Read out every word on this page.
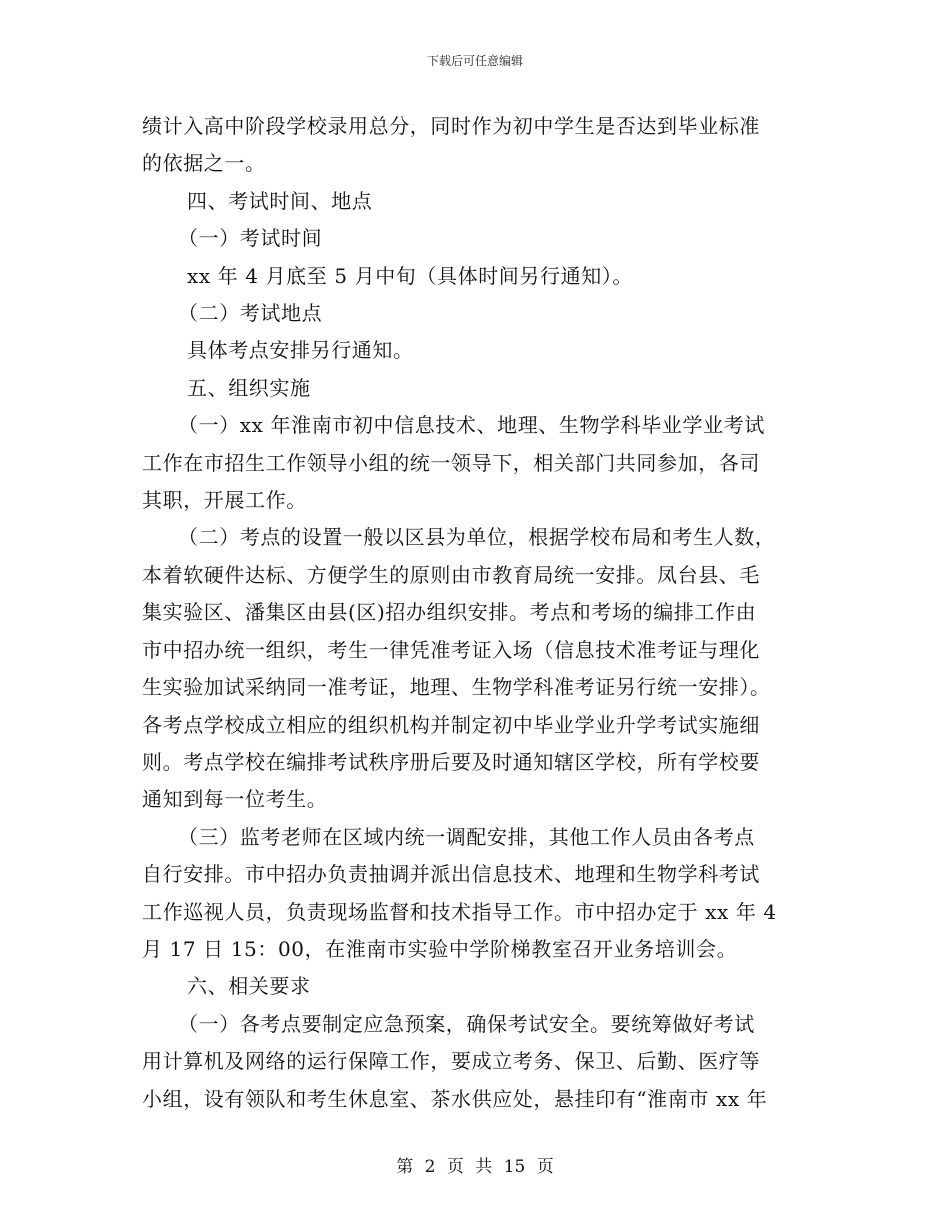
下载后可任意编辑

绩计入高中阶段学校录用总分，同时作为初中学生是否达到毕业标准

的依据之一。

四、考试时间、地点

（一）考试时间

xx 年 4 月底至 5 月中旬（具体时间另行通知）。

（二）考试地点

具体考点安排另行通知。

五、组织实施

（一）xx 年淮南市初中信息技术、地理、生物学科毕业学业考试

工作在市招生工作领导小组的统一领导下，相关部门共同参加，各司

其职，开展工作。

（二）考点的设置一般以区县为单位，根据学校布局和考生人数，

本着软硬件达标、方便学生的原则由市教育局统一安排。凤台县、毛

集实验区、潘集区由县(区)招办组织安排。考点和考场的编排工作由

市中招办统一组织，考生一律凭准考证入场（信息技术准考证与理化

生实验加试采纳同一准考证，地理、生物学科准考证另行统一安排）。

各考点学校成立相应的组织机构并制定初中毕业学业升学考试实施细

则。考点学校在编排考试秩序册后要及时通知辖区学校，所有学校要

通知到每一位考生。

（三）监考老师在区域内统一调配安排，其他工作人员由各考点

自行安排。市中招办负责抽调并派出信息技术、地理和生物学科考试

工作巡视人员，负责现场监督和技术指导工作。市中招办定于 xx 年 4

月 17 日 15：00，在淮南市实验中学阶梯教室召开业务培训会。

六、相关要求

（一）各考点要制定应急预案，确保考试安全。要统筹做好考试

用计算机及网络的运行保障工作，要成立考务、保卫、后勤、医疗等

小组，设有领队和考生休息室、茶水供应处，悬挂印有“淮南市 xx 年

第 2 页 共 15 页
